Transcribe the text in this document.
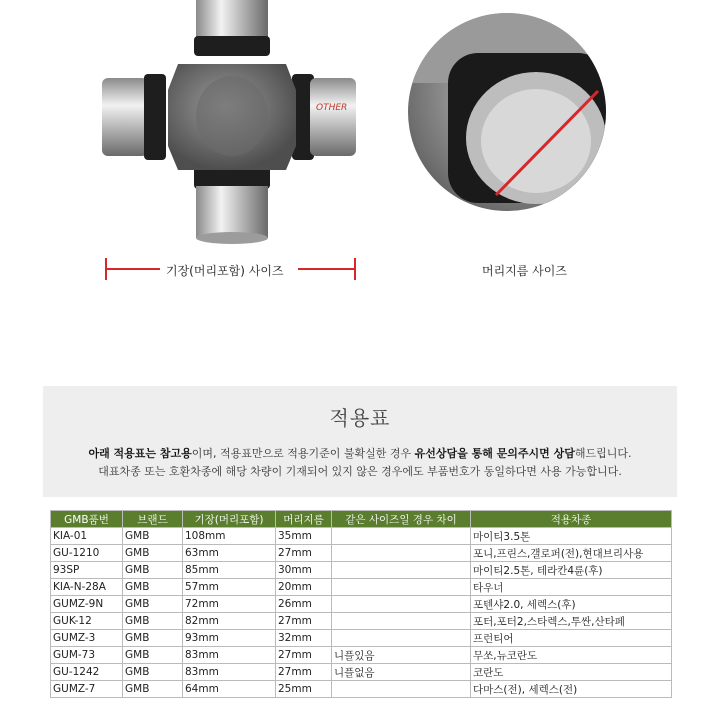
OTHER
기장(머리포함) 사이즈	머리지름 사이즈
적용표
아래 적용표는 참고용이며, 적용표만으로 적용기준이 불확실한 경우 유선상담을 통해 문의주시면 상담해드립니다.
대표차종 또는 호환차종에 해당 차량이 기재되어 있지 않은 경우에도 부품번호가 동일하다면 사용 가능합니다.
GMB품번	브랜드	기장(머리포함)	머리지름	같은 사이즈일 경우 차이	적용차종
KIA-01	GMB	108mm	35mm		마이티3.5톤
GU-1210	GMB	63mm	27mm		포니,프린스,갤로퍼(전),현대브리사용
93SP	GMB	85mm	30mm		마이티2.5톤, 테라칸4륜(후)
KIA-N-28A	GMB	57mm	20mm		타우너
GUMZ-9N	GMB	72mm	26mm		포텐샤2.0, 세렉스(후)
GUK-12	GMB	82mm	27mm		포터,포터2,스타렉스,투싼,산타페
GUMZ-3	GMB	93mm	32mm		프런티어
GUM-73	GMB	83mm	27mm	니플있음	무쏘,뉴코란도
GU-1242	GMB	83mm	27mm	니플없음	코란도
GUMZ-7	GMB	64mm	25mm		다마스(전), 세렉스(전)
